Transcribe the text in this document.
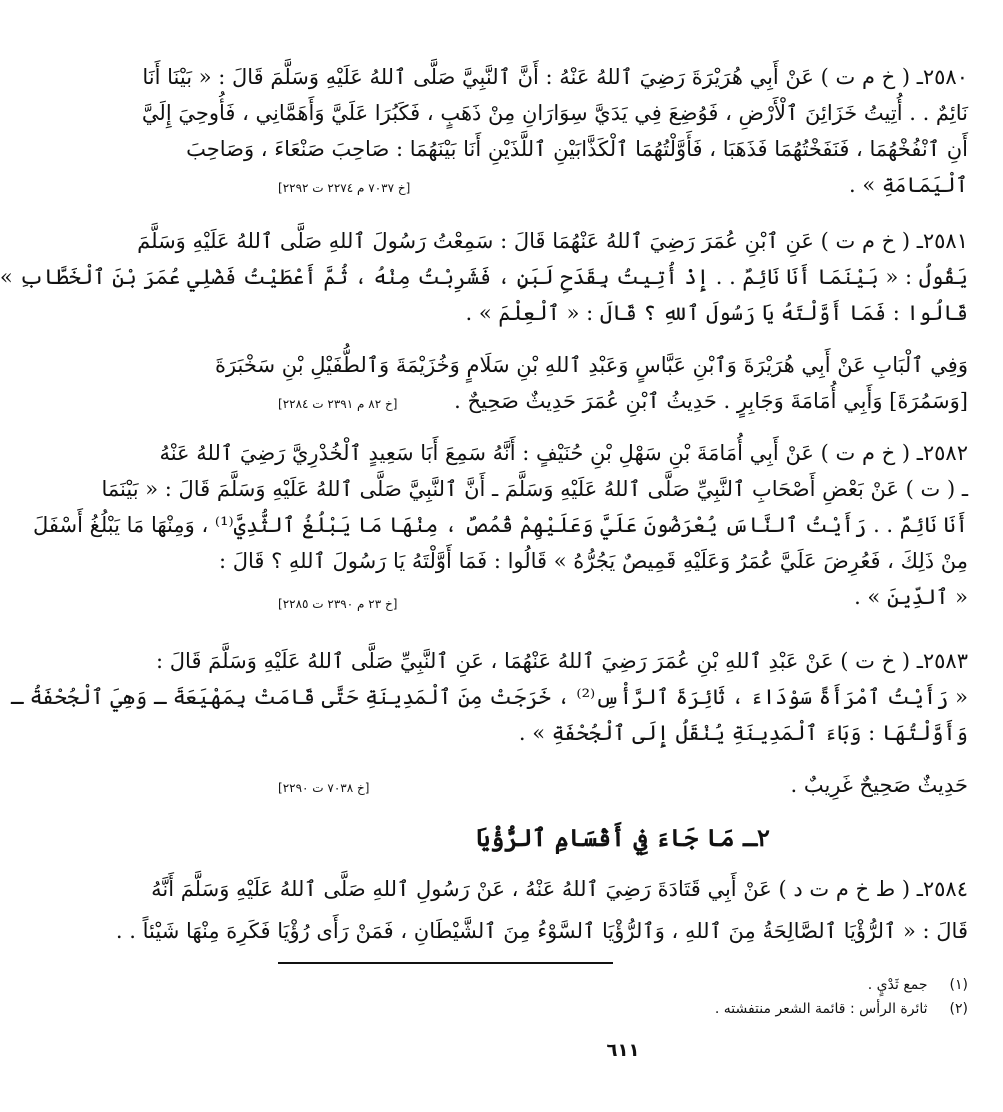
٢٥٨٠ـ ( خ م ت ) عَنْ أَبِي هُرَيْرَةَ رَضِيَ ٱللهُ عَنْهُ : أَنَّ ٱلنَّبِيَّ صَلَّى ٱللهُ عَلَيْهِ وَسَلَّمَ قَالَ : « بَيْنَا أَنَا
نَائِمٌ . . أُتِيتُ خَزَائِنَ ٱلْأَرْضِ ، فَوُضِعَ فِي يَدَيَّ سِوَارَانِ مِنْ ذَهَبٍ ، فَكَبُرَا عَلَيَّ وَأَهَمَّانِي ، فَأُوحِيَ إِلَيَّ
أَنِ ٱنْفُخْهُمَا ، فَنَفَخْتُهُمَا فَذَهَبَا ، فَأَوَّلْتُهُمَا ٱلْكَذَّابَيْنِ ٱللَّذَيْنِ أَنَا بَيْنَهُمَا : صَاحِبَ صَنْعَاءَ ، وَصَاحِبَ
ٱلْيَمَامَةِ » .
[خ ٧٠٣٧ م ٢٢٧٤ ت ٢٢٩٢]
٢٥٨١ـ ( خ م ت ) عَنِ ٱبْنِ عُمَرَ رَضِيَ ٱللهُ عَنْهُمَا قَالَ : سَمِعْتُ رَسُولَ ٱللهِ صَلَّى ٱللهُ عَلَيْهِ وَسَلَّمَ
يَقُولُ : « بَيْنَمَا أَنَا نَائِمٌ . . إِذْ أُتِيتُ بِقَدَحِ لَبَنٍ ، فَشَرِبْتُ مِنْهُ ، ثُمَّ أَعْطَيْتُ فَضْلِي عُمَرَ بْنَ ٱلْخَطَّابِ »
قَالُوا : فَمَا أَوَّلْتَهُ يَا رَسُولَ ٱللهِ ؟ قَالَ : « ٱلْعِلْمَ » .
وَفِي ٱلْبَابِ عَنْ أَبِي هُرَيْرَةَ وَٱبْنِ عَبَّاسٍ وَعَبْدِ ٱللهِ بْنِ سَلَامٍ وَخُزَيْمَةَ وَٱلطُّفَيْلِ بْنِ سَخْبَرَةَ
[وَسَمُرَةَ] وَأَبِي أُمَامَةَ وَجَابِرٍ . حَدِيثُ ٱبْنِ عُمَرَ حَدِيثٌ صَحِيحٌ .
[خ ٨٢ م ٢٣٩١ ت ٢٢٨٤]
٢٥٨٢ـ ( خ م ت ) عَنْ أَبِي أُمَامَةَ بْنِ سَهْلِ بْنِ حُنَيْفٍ : أَنَّهُ سَمِعَ أَبَا سَعِيدٍ ٱلْخُدْرِيَّ رَضِيَ ٱللهُ عَنْهُ
ـ ( ت ) عَنْ بَعْضِ أَصْحَابِ ٱلنَّبِيِّ صَلَّى ٱللهُ عَلَيْهِ وَسَلَّمَ ـ أَنَّ ٱلنَّبِيَّ صَلَّى ٱللهُ عَلَيْهِ وَسَلَّمَ قَالَ : « بَيْنَمَا
أَنَا نَائِمٌ . . رَأَيْتُ ٱلنَّاسَ يُعْرَضُونَ عَلَيَّ وَعَلَيْهِمْ قُمُصٌ ، مِنْهَا مَا يَبْلُغُ ٱلثُّدِيَّ⁽¹⁾ ، وَمِنْهَا مَا يَبْلُغُ أَسْفَلَ
مِنْ ذَلِكَ ، فَعُرِضَ عَلَيَّ عُمَرُ وَعَلَيْهِ قَمِيصٌ يَجُرُّهُ » قَالُوا : فَمَا أَوَّلْتَهُ يَا رَسُولَ ٱللهِ ؟ قَالَ :
« ٱلدِّينَ » .
[خ ٢٣ م ٢٣٩٠ ت ٢٢٨٥]
٢٥٨٣ـ ( خ ت ) عَنْ عَبْدِ ٱللهِ بْنِ عُمَرَ رَضِيَ ٱللهُ عَنْهُمَا ، عَنِ ٱلنَّبِيِّ صَلَّى ٱللهُ عَلَيْهِ وَسَلَّمَ قَالَ :
« رَأَيْتُ ٱمْرَأَةً سَوْدَاءَ ، ثَائِرَةَ ٱلرَّأْسِ⁽²⁾ ، خَرَجَتْ مِنَ ٱلْمَدِينَةِ حَتَّى قَامَتْ بِمَهْيَعَةَ ـ وَهِيَ ٱلْجُحْفَةُ ـ
وَأَوَّلْتُهَا : وَبَاءَ ٱلْمَدِينَةِ يُنْقَلُ إِلَى ٱلْجُحْفَةِ » .
حَدِيثٌ صَحِيحٌ غَرِيبٌ .
[خ ٧٠٣٨ ت ٢٢٩٠]
٢ـ مَا جَاءَ فِي أَقْسَامِ ٱلرُّؤْيَا
٢٥٨٤ـ ( ط خ م ت د ) عَنْ أَبِي قَتَادَةَ رَضِيَ ٱللهُ عَنْهُ ، عَنْ رَسُولِ ٱللهِ صَلَّى ٱللهُ عَلَيْهِ وَسَلَّمَ أَنَّهُ
قَالَ : « ٱلرُّؤْيَا ٱلصَّالِحَةُ مِنَ ٱللهِ ، وَٱلرُّؤْيَا ٱلسَّوْءُ مِنَ ٱلشَّيْطَانِ ، فَمَنْ رَأَى رُؤْيَا فَكَرِهَ مِنْهَا شَيْئاً . .
(١) جمع ثَدْيٍ .
(٢) ثائرة الرأس : قائمة الشعر منتفشته .
٦١١
